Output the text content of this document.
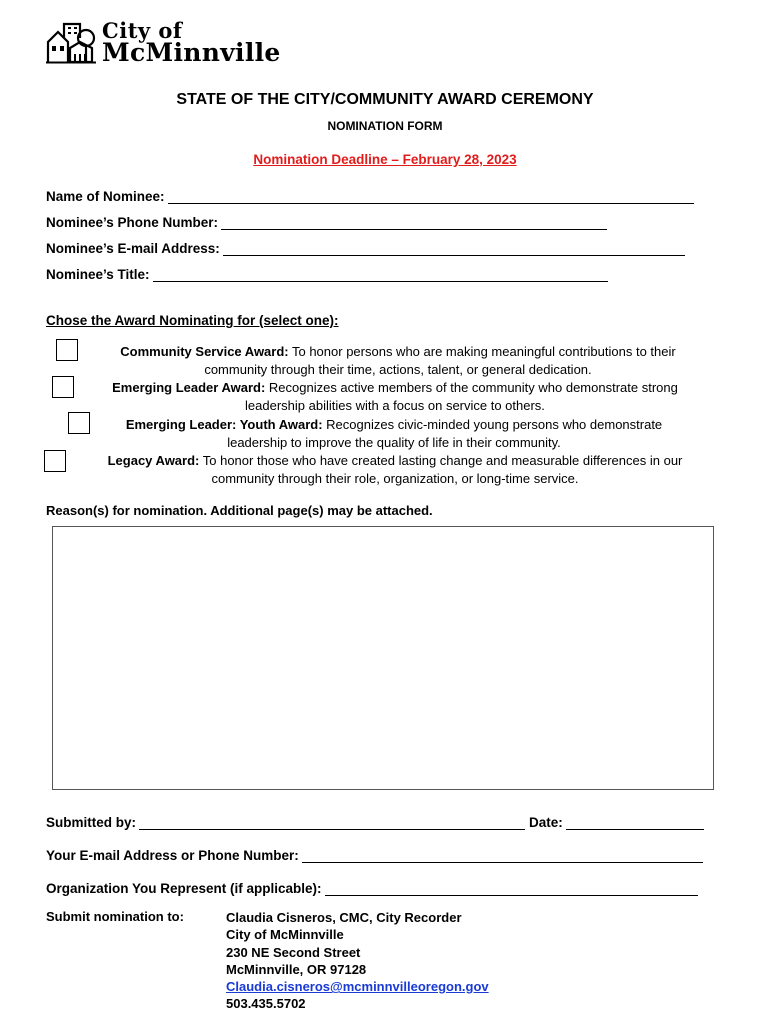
City of
McMinnville
STATE OF THE CITY/COMMUNITY AWARD CEREMONY
NOMINATION FORM
Nomination Deadline – February 28, 2023
Name of Nominee:
Nominee’s Phone Number:
Nominee’s E-mail Address:
Nominee’s Title:
Chose the Award Nominating for (select one):
Community Service Award: To honor persons who are making meaningful contributions to their
community through their time, actions, talent, or general dedication.
Emerging Leader Award: Recognizes active members of the community who demonstrate strong
leadership abilities with a focus on service to others.
Emerging Leader: Youth Award: Recognizes civic-minded young persons who demonstrate
leadership to improve the quality of life in their community.
Legacy Award: To honor those who have created lasting change and measurable differences in our
community through their role, organization, or long-time service.
Reason(s) for nomination. Additional page(s) may be attached.
Submitted by:	Date:
Your E-mail Address or Phone Number:
Organization You Represent (if applicable):
Submit nomination to:	Claudia Cisneros, CMC, City Recorder
City of McMinnville
230 NE Second Street
McMinnville, OR 97128
Claudia.cisneros@mcminnvilleoregon.gov
503.435.5702
